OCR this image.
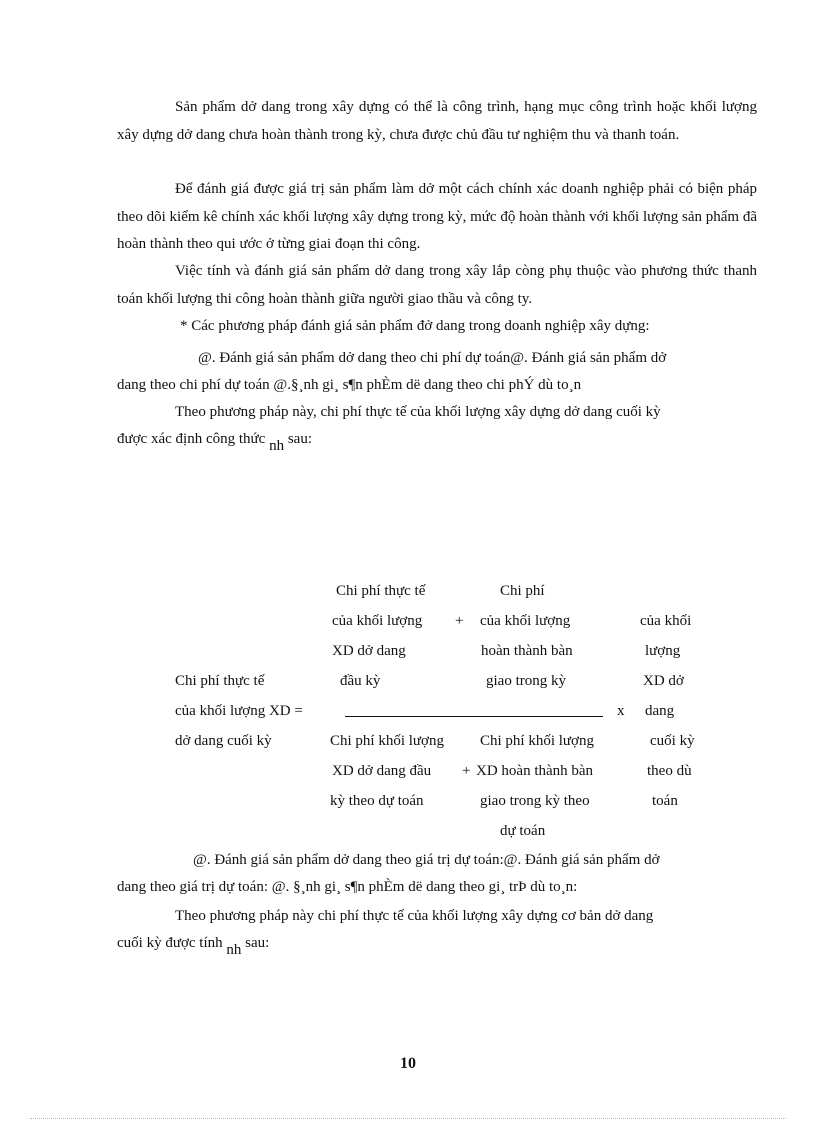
Sản phẩm dở dang trong xây dựng có thể là công trình, hạng mục công trình hoặc khối lượng xây dựng dở dang chưa hoàn thành trong kỳ, chưa được chủ đầu tư nghiệm thu và thanh toán.

Để đánh giá được giá trị sản phẩm làm dở một cách chính xác doanh nghiệp phải có biện pháp theo dõi kiểm kê chính xác khối lượng xây dựng trong kỳ, mức độ hoàn thành với khối lượng sản phẩm đã hoàn thành theo qui ước ở từng giai đoạn thi công.

Việc tính và đánh giá sản phẩm dở dang trong xây lắp còng phụ thuộc vào phương thức thanh toán khối lượng thi công hoàn thành giữa người giao thầu và công ty.

* Các phương pháp đánh giá sản phẩm đở dang trong doanh nghiệp xây dựng:

@. Đánh giá sản phẩm dở dang theo chi phí dự toán@. Đánh giá sản phẩm dở

dang theo chi phí dự toán @.§¸nh gi¸ s¶n phÈm dë dang theo chi phÝ dù to¸n

Theo phương pháp này, chi phí thực tế của khối lượng xây dựng dở dang cuối kỳ

được xác định công thức nh sau:

Chi phí thực tế
của khối lượng XD =
dở dang cuối kỳ
Chi phí thực tế
của khối lượng
XD dở dang
đầu kỳ
+
Chi phí
của khối lượng
hoàn thành bàn
giao trong kỳ
x
Chi phí khối lượng
XD dở dang đầu
kỳ theo dự toán
+
Chi phí khối lượng
XD hoàn thành bàn
giao trong kỳ theo
dự toán
của khối
lượng
XD dở
dang
cuối kỳ
theo dù
toán

@. Đánh giá sản phẩm dở dang theo giá trị dự toán:@. Đánh giá sản phẩm dở

dang theo giá trị dự toán: @. §¸nh gi¸ s¶n phÈm dë dang theo gi¸ trÞ dù to¸n:

Theo phương pháp này chi phí thực tế của khối lượng xây dựng cơ bản dở dang

cuối kỳ được tính nh sau:

10
